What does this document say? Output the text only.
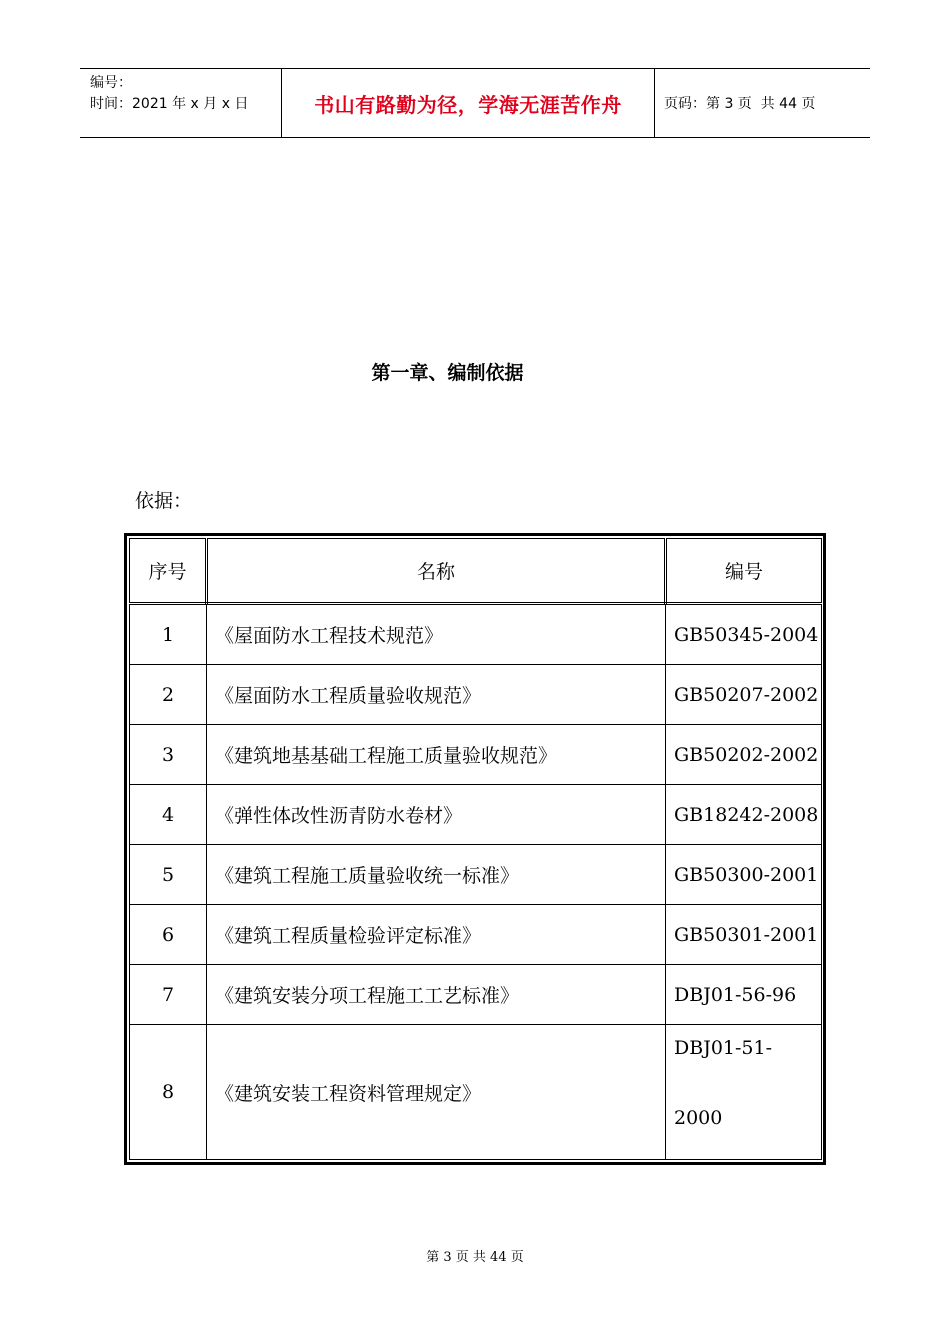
编号：
时间：2021 年 x 月 x 日	书山有路勤为径，学海无涯苦作舟	页码：第 3 页  共 44 页
第一章、编制依据
依据：
序号	名称	编号
1	《屋面防水工程技术规范》	GB50345-2004
2	《屋面防水工程质量验收规范》	GB50207-2002
3	《建筑地基基础工程施工质量验收规范》	GB50202-2002
4	《弹性体改性沥青防水卷材》	GB18242-2008
5	《建筑工程施工质量验收统一标准》	GB50300-2001
6	《建筑工程质量检验评定标准》	GB50301-2001
7	《建筑安装分项工程施工工艺标准》	DBJ01-56-96
8	《建筑安装工程资料管理规定》	DBJ01-51-
2000
第 3 页 共 44 页
